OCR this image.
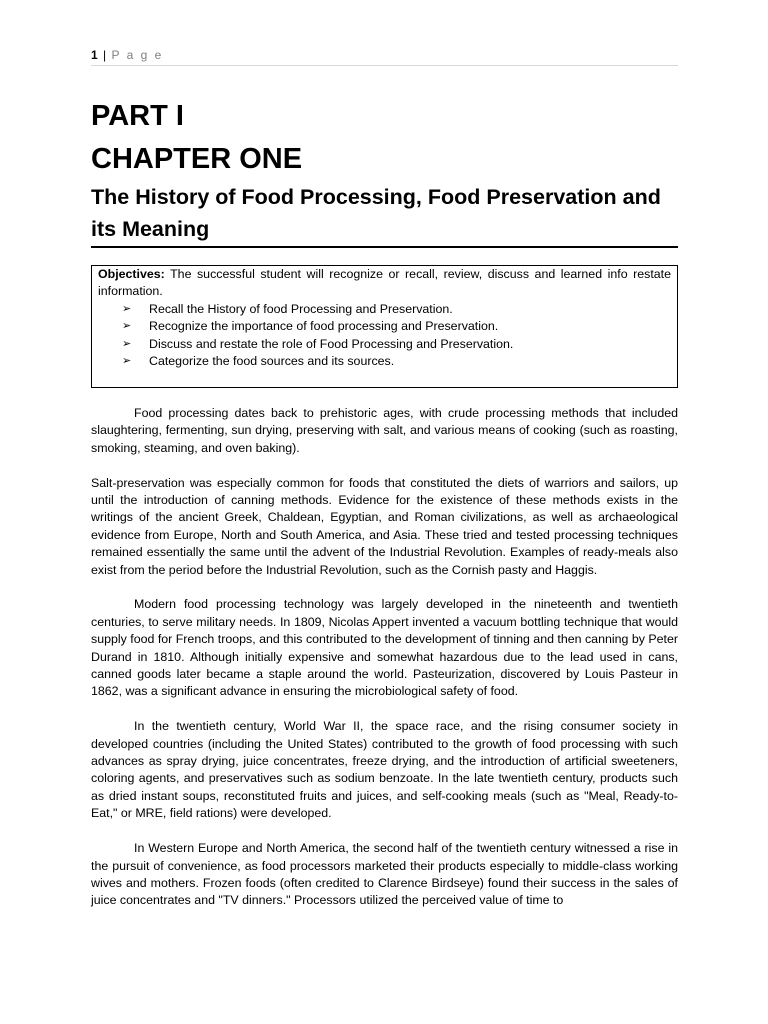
1 | P a g e
PART I
CHAPTER ONE
The History of Food Processing, Food Preservation and its Meaning

Objectives: The successful student will recognize or recall, review, discuss and learned info restate information.

➢ Recall the History of food Processing and Preservation.
➢ Recognize the importance of food processing and Preservation.
➢ Discuss and restate the role of Food Processing and Preservation.
➢ Categorize the food sources and its sources.

Food processing dates back to prehistoric ages, with crude processing methods that included slaughtering, fermenting, sun drying, preserving with salt, and various means of cooking (such as roasting, smoking, steaming, and oven baking).

Salt-preservation was especially common for foods that constituted the diets of warriors and sailors, up until the introduction of canning methods. Evidence for the existence of these methods exists in the writings of the ancient Greek, Chaldean, Egyptian, and Roman civilizations, as well as archaeological evidence from Europe, North and South America, and Asia. These tried and tested processing techniques remained essentially the same until the advent of the Industrial Revolution. Examples of ready-meals also exist from the period before the Industrial Revolution, such as the Cornish pasty and Haggis.

Modern food processing technology was largely developed in the nineteenth and twentieth centuries, to serve military needs. In 1809, Nicolas Appert invented a vacuum bottling technique that would supply food for French troops, and this contributed to the development of tinning and then canning by Peter Durand in 1810. Although initially expensive and somewhat hazardous due to the lead used in cans, canned goods later became a staple around the world. Pasteurization, discovered by Louis Pasteur in 1862, was a significant advance in ensuring the microbiological safety of food.

In the twentieth century, World War II, the space race, and the rising consumer society in developed countries (including the United States) contributed to the growth of food processing with such advances as spray drying, juice concentrates, freeze drying, and the introduction of artificial sweeteners, coloring agents, and preservatives such as sodium benzoate. In the late twentieth century, products such as dried instant soups, reconstituted fruits and juices, and self-cooking meals (such as "Meal, Ready-to-Eat," or MRE, field rations) were developed.

In Western Europe and North America, the second half of the twentieth century witnessed a rise in the pursuit of convenience, as food processors marketed their products especially to middle-class working wives and mothers. Frozen foods (often credited to Clarence Birdseye) found their success in the sales of juice concentrates and "TV dinners." Processors utilized the perceived value of time to
